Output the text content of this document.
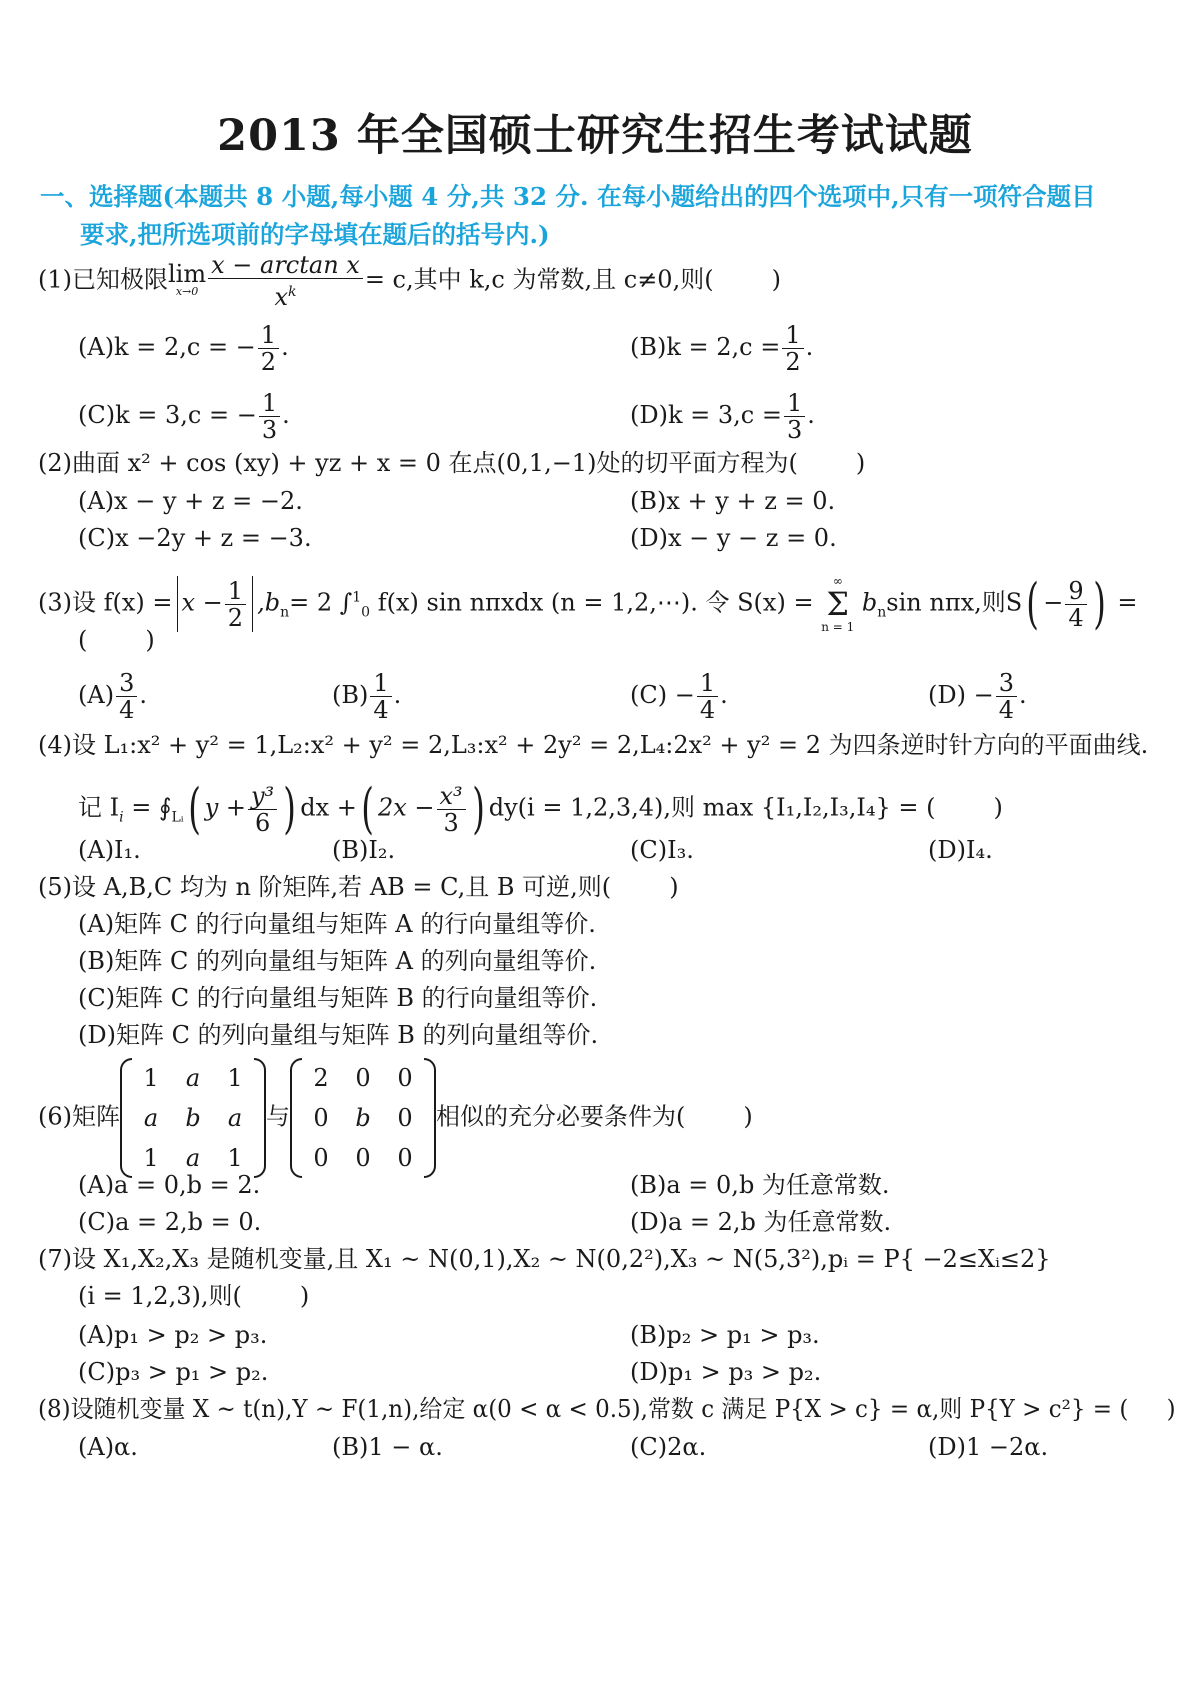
2013 年全国硕士研究生招生考试试题
一、选择题(本题共 8 小题,每小题 4 分,共 32 分. 在每小题给出的四个选项中,只有一项符合题目
要求,把所选项前的字母填在题后的括号内.)
(1)已知极限lim
$x\to 0 \frac{\text{x − arctan x}}{x^k} = c$,其中 k,c 为常数,且 c≠0,则( )
(A)k = 2,c = − $\frac{1}{2}$ .	$(B)k = 2,c = \frac{1}{2}$ .
(C)k = 3,c = − $\frac{1}{3}$ .	$(D)k = 3,c = \frac{1}{3}$ .
(2)曲面 x² + cos (xy) + yz + x = 0 在点(0,1,−1)处的切平面方程为( )
(A)x − y + z = −2.	(B)x + y + z = 0.
(C)x −2y + z = −3.	(D)x − y − z = 0.
(3)设 $f(x) = x - \frac{1}{2} ,b_n= 2$ ∫$^1_0$ f(x) sin nπxdx (n = 1,2,⋯). 令 S(x) =
∞
Σ
n = 1
$b_n\sin$ nπx,则$S( - \frac{9}{4}$ ) =
( )
$(A) \frac{3}{4}$ .	$(B) \frac{1}{4}$ .	$(C) - \frac{1}{4}$ .	$(D) - \frac{3}{4}$ .
(4)设 L₁:x² + y² = 1,L₂:x² + y² = 2,L₃:x² + 2y² = 2,L₄:2x² + y² = 2 为四条逆时针方向的平面曲线.
记 $I_i$ = $∮_{Lᵢ}$( $y + \frac{\text{y³}}{6}$ ) dx +( $2x - \frac{\text{x³}}{3}$ ) dy(i = 1,2,3,4),则 max {I₁,I₂,I₃,I₄} = ( )
(A)I₁.	(B)I₂.	(C)I₃.	(D)I₄.
(5)设 A,B,C 均为 n 阶矩阵,若 AB = C,且 B 可逆,则( )
(A)矩阵 C 的行向量组与矩阵 A 的行向量组等价.
(B)矩阵 C 的列向量组与矩阵 A 的列向量组等价.
(C)矩阵 C 的行向量组与矩阵 B 的行向量组等价.
(D)矩阵 C 的列向量组与矩阵 B 的列向量组等价.
(6)矩阵
1	a	1
a	b	a
1	a	1
与
2	0	0
0	b	0
0	0	0
相似的充分必要条件为( )
(A)a = 0,b = 2.	(B)a = 0,b 为任意常数.
(C)a = 2,b = 0.	(D)a = 2,b 为任意常数.
(7)设 X₁,X₂,X₃ 是随机变量,且 X₁ ~ N(0,1),X₂ ~ N(0,2²),X₃ ~ N(5,3²),pᵢ = P{ −2≤Xᵢ≤2}
(i = 1,2,3),则( )
(A)p₁ > p₂ > p₃.	(B)p₂ > p₁ > p₃.
(C)p₃ > p₁ > p₂.	(D)p₁ > p₃ > p₂.
(8)设随机变量 X ~ t(n),Y ~ F(1,n),给定 α(0 < α < 0.5),常数 c 满足 P{X > c} = α,则 P{Y > c²} = ( )
(A)α.	(B)1 − α.	(C)2α.	(D)1 −2α.
